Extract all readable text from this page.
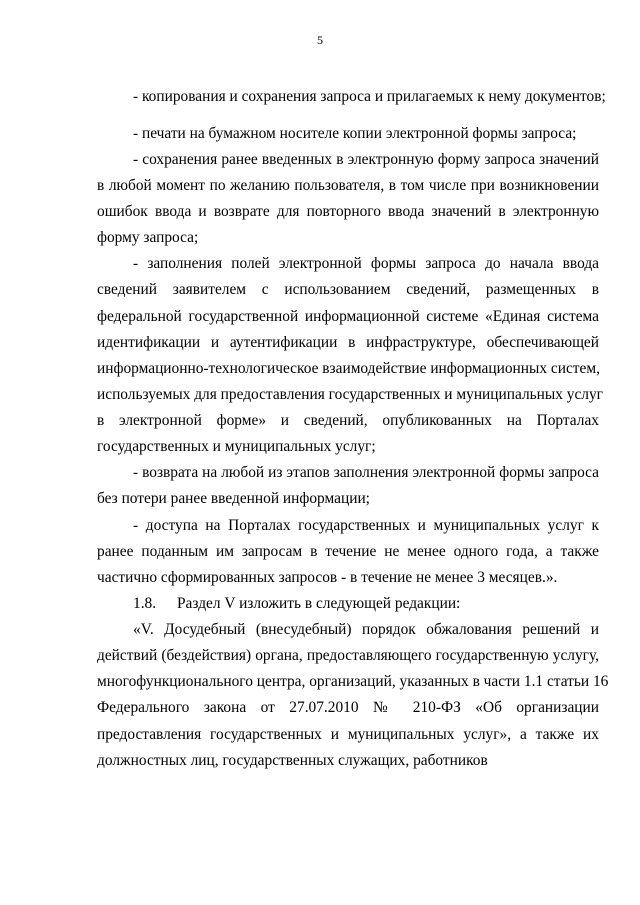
5
- копирования и сохранения запроса и прилагаемых к нему документов;
- печати на бумажном носителе копии электронной формы запроса;
- сохранения ранее введенных в электронную форму запроса значений
в любой момент по желанию пользователя, в том числе при возникновении
ошибок ввода и возврате для повторного ввода значений в электронную
форму запроса;
- заполнения полей электронной формы запроса до начала ввода
сведений заявителем с использованием сведений, размещенных в
федеральной государственной информационной системе «Единая система
идентификации и аутентификации в инфраструктуре, обеспечивающей
информационно-технологическое взаимодействие информационных систем,
используемых для предоставления государственных и муниципальных услуг
в электронной форме» и сведений, опубликованных на Порталах
государственных и муниципальных услуг;
- возврата на любой из этапов заполнения электронной формы запроса
без потери ранее введенной информации;
- доступа на Порталах государственных и муниципальных услуг к
ранее поданным им запросам в течение не менее одного года, а также
частично сформированных запросов - в течение не менее 3 месяцев.».
1.8. Раздел V изложить в следующей редакции:
«V. Досудебный (внесудебный) порядок обжалования решений и
действий (бездействия) органа, предоставляющего государственную услугу,
многофункционального центра, организаций, указанных в части 1.1 статьи 16
Федерального закона от 27.07.2010 № 210-ФЗ «Об организации
предоставления государственных и муниципальных услуг», а также их
должностных лиц, государственных служащих, работников
